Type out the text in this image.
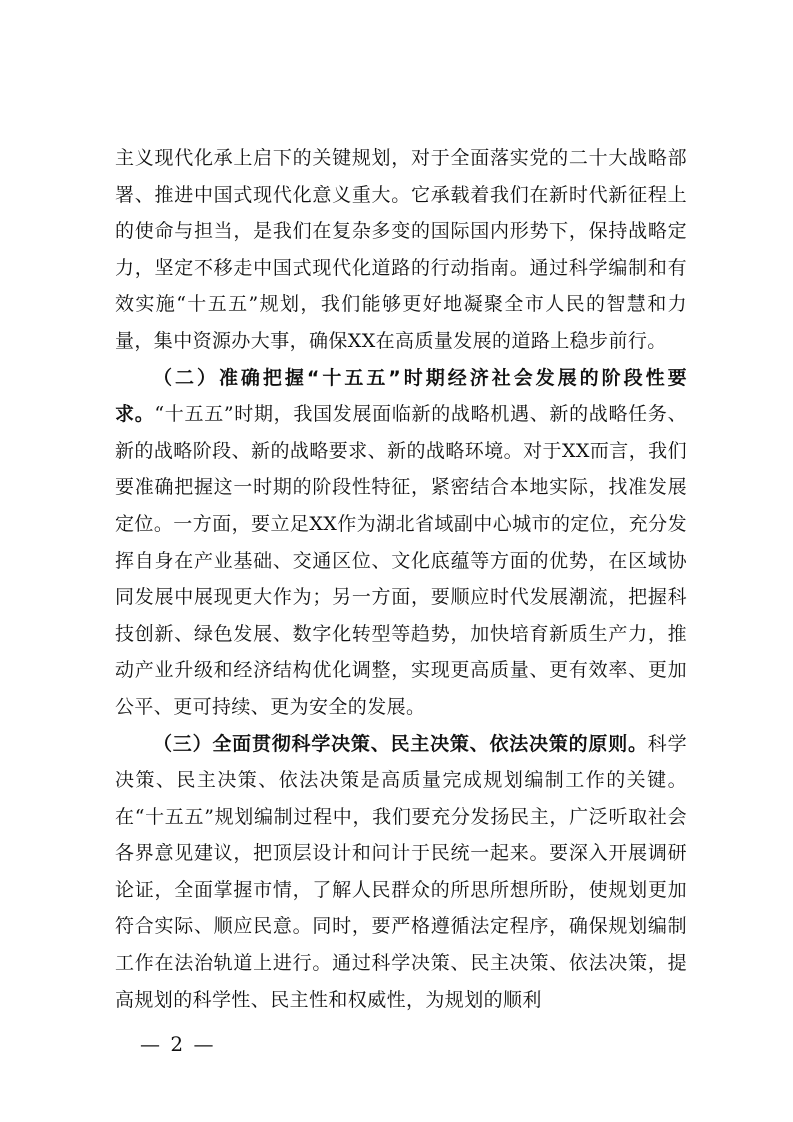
主义现代化承上启下的关键规划，对于全面落实党的二十大战略部署、推进中国式现代化意义重大。它承载着我们在新时代新征程上的使命与担当，是我们在复杂多变的国际国内形势下，保持战略定力，坚定不移走中国式现代化道路的行动指南。通过科学编制和有效实施“十五五”规划，我们能够更好地凝聚全市人民的智慧和力量，集中资源办大事，确保XX在高质量发展的道路上稳步前行。

（二）准确把握“十五五”时期经济社会发展的阶段性要求。“十五五”时期，我国发展面临新的战略机遇、新的战略任务、新的战略阶段、新的战略要求、新的战略环境。对于XX而言，我们要准确把握这一时期的阶段性特征，紧密结合本地实际，找准发展定位。一方面，要立足XX作为湖北省域副中心城市的定位，充分发挥自身在产业基础、交通区位、文化底蕴等方面的优势，在区域协同发展中展现更大作为；另一方面，要顺应时代发展潮流，把握科技创新、绿色发展、数字化转型等趋势，加快培育新质生产力，推动产业升级和经济结构优化调整，实现更高质量、更有效率、更加公平、更可持续、更为安全的发展。

（三）全面贯彻科学决策、民主决策、依法决策的原则。科学决策、民主决策、依法决策是高质量完成规划编制工作的关键。在“十五五”规划编制过程中，我们要充分发扬民主，广泛听取社会各界意见建议，把顶层设计和问计于民统一起来。要深入开展调研论证，全面掌握市情，了解人民群众的所思所想所盼，使规划更加符合实际、顺应民意。同时，要严格遵循法定程序，确保规划编制工作在法治轨道上进行。通过科学决策、民主决策、依法决策，提高规划的科学性、民主性和权威性，为规划的顺利

— 2 —
